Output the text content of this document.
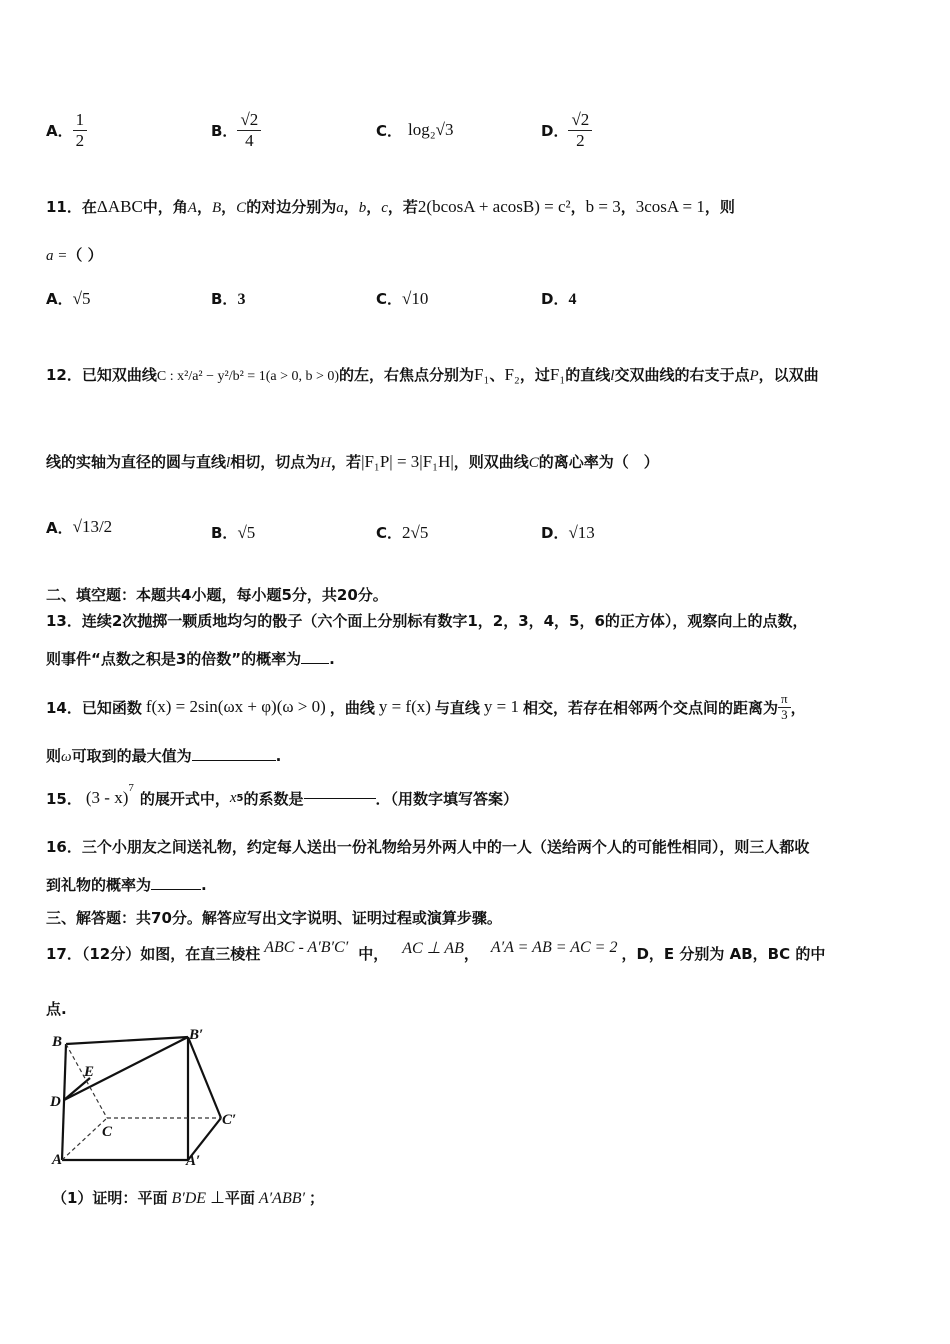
A． $\frac{1}{2}$	B． $\frac{√2}{4}$	C． log₂√3	D． $\frac{√2}{2}$
11．在ΔABC中，角A，B，C的对边分别为a，b，c，若2(bcosA + acosB) = c²，b = 3，3cosA = 1，则
a =（ ）
A．√5	B．3	C．√10	D．4
12．已知双曲线C : x²/a² − y²/b² = 1(a > 0, b > 0)的左，右焦点分别为F₁、F₂，过F₁的直线l交双曲线的右支于点P，以双曲
线的实轴为直径的圆与直线l相切，切点为H，若|F₁P| = 3|F₁H|，则双曲线C的离心率为（　）
A． √13/2	B．√5	C．2√5	D．√13
二、填空题：本题共4小题，每小题5分，共20分。
13．连续2次抛掷一颗质地均匀的骰子（六个面上分别标有数字1，2，3，4，5，6的正方体），观察向上的点数，
则事件“点数之积是3的倍数”的概率为 .
14． 已知函数 f(x) = 2sin(ωx + φ)(ω > 0) ，曲线 y = f(x) 与直线 y = 1 相交，若存在相邻两个交点间的距离为 $\frac{\pi}{3}$ ，
则ω可取到的最大值为	.
15． (3 - x)$^7$
的展开式中， x 5 的系数是	．（用数字填写答案）
16．三个小朋友之间送礼物，约定每人送出一份礼物给另外两人中的一人（送给两个人的可能性相同），则三人都收
到礼物的概率为	.
三、解答题：共70分。解答应写出文字说明、证明过程或演算步骤。
17．（12分）如图，在直三棱柱 ABC - A′B′C′ 中， AC ⊥ AB ， A′A = AB = AC = 2 ，D，E 分别为 AB，BC 的中
点.
B	B′
E
D
C
C′
A	A′
（1）证明：平面 B′DE ⊥平面 A′ABB′ ；
